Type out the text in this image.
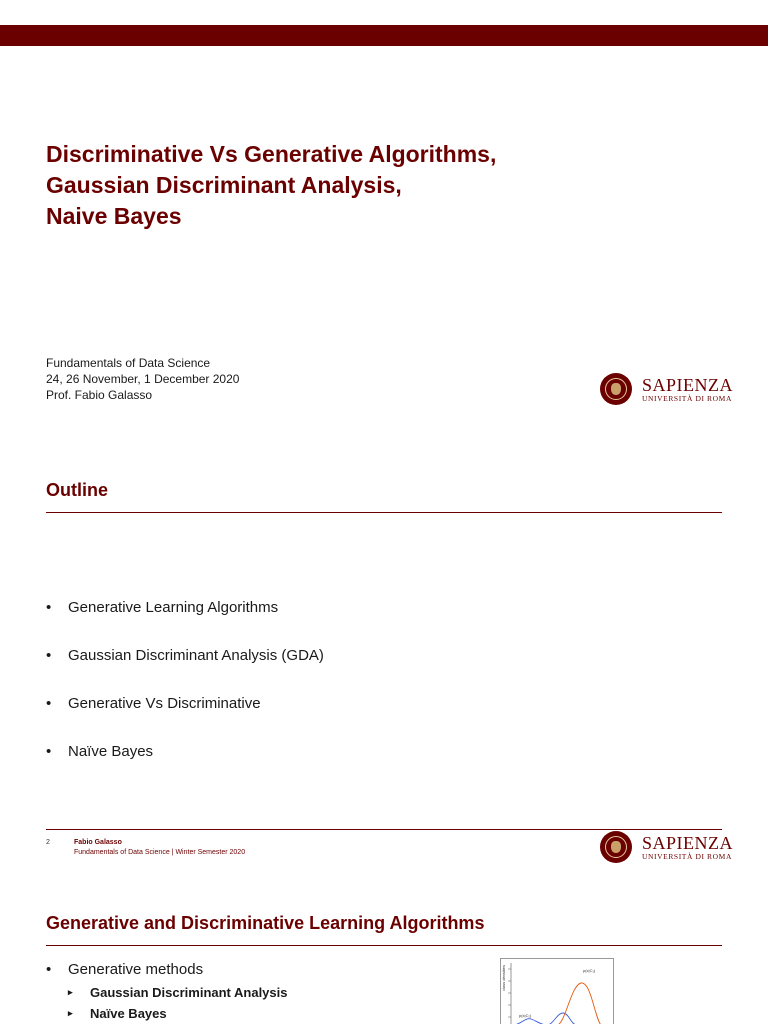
Discriminative Vs Generative Algorithms,
Gaussian Discriminant Analysis,
Naive Bayes
Fundamentals of Data Science
24, 26 November, 1 December 2020
Prof. Fabio Galasso
SAPIENZA
UNIVERSITÀ DI ROMA
Outline
• Generative Learning Algorithms
• Gaussian Discriminant Analysis (GDA)
• Generative Vs Discriminative
• Naïve Bayes
2	Fabio Galasso
Fundamentals of Data Science | Winter Semester 2020	SAPIENZA
UNIVERSITÀ DI ROMA
Generative and Discriminative Learning Algorithms
• Generative methods
▸ Gaussian Discriminant Analysis
▸ Naïve Bayes
class densities	p(x|C₁)
p(x|C₂)
